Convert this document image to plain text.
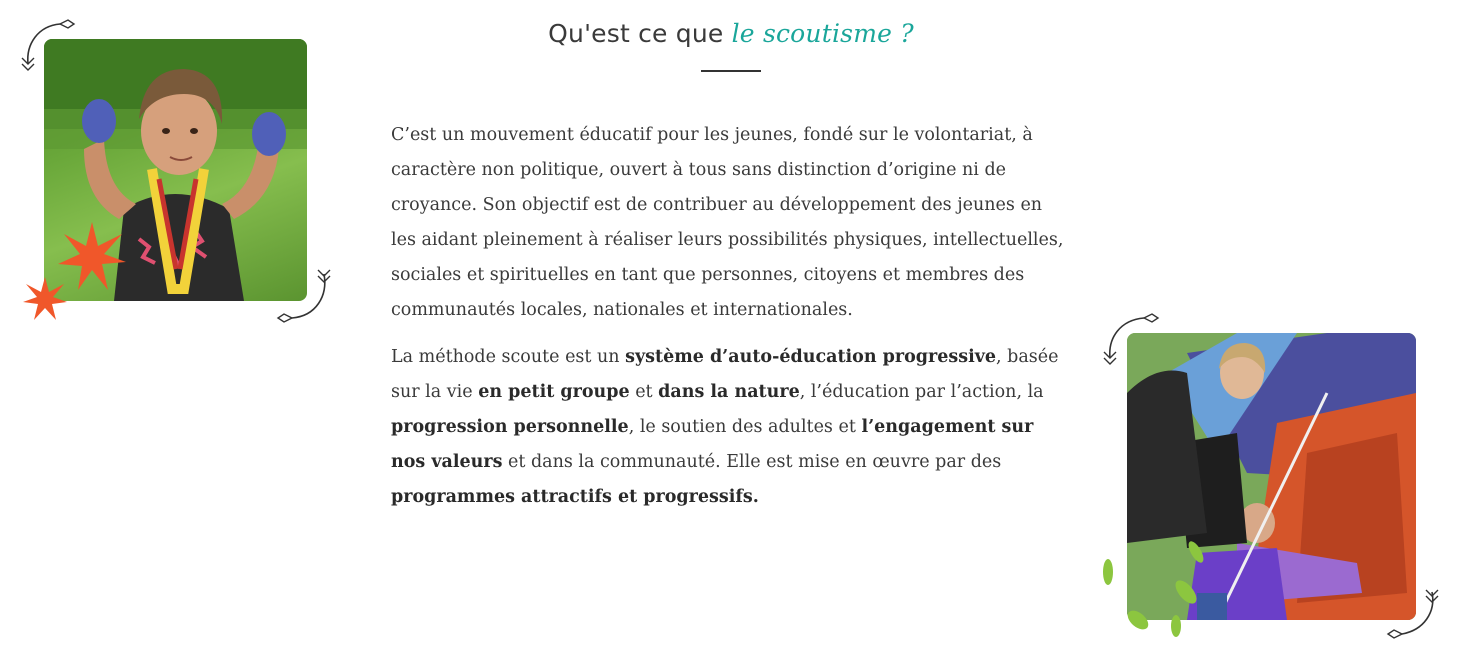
Qu'est ce que le scoutisme ?

C’est un mouvement éducatif pour les jeunes, fondé sur le volontariat, à caractère non politique, ouvert à tous sans distinction d’origine ni de croyance. Son objectif est de contribuer au développement des jeunes en les aidant pleinement à réaliser leurs possibilités physiques, intellectuelles, sociales et spirituelles en tant que personnes, citoyens et membres des communautés locales, nationales et internationales.

La méthode scoute est un système d’auto-éducation progressive, basée sur la vie en petit groupe et dans la nature, l’éducation par l’action, la progression personnelle, le soutien des adultes et l’engagement sur nos valeurs et dans la communauté. Elle est mise en œuvre par des programmes attractifs et progressifs.
